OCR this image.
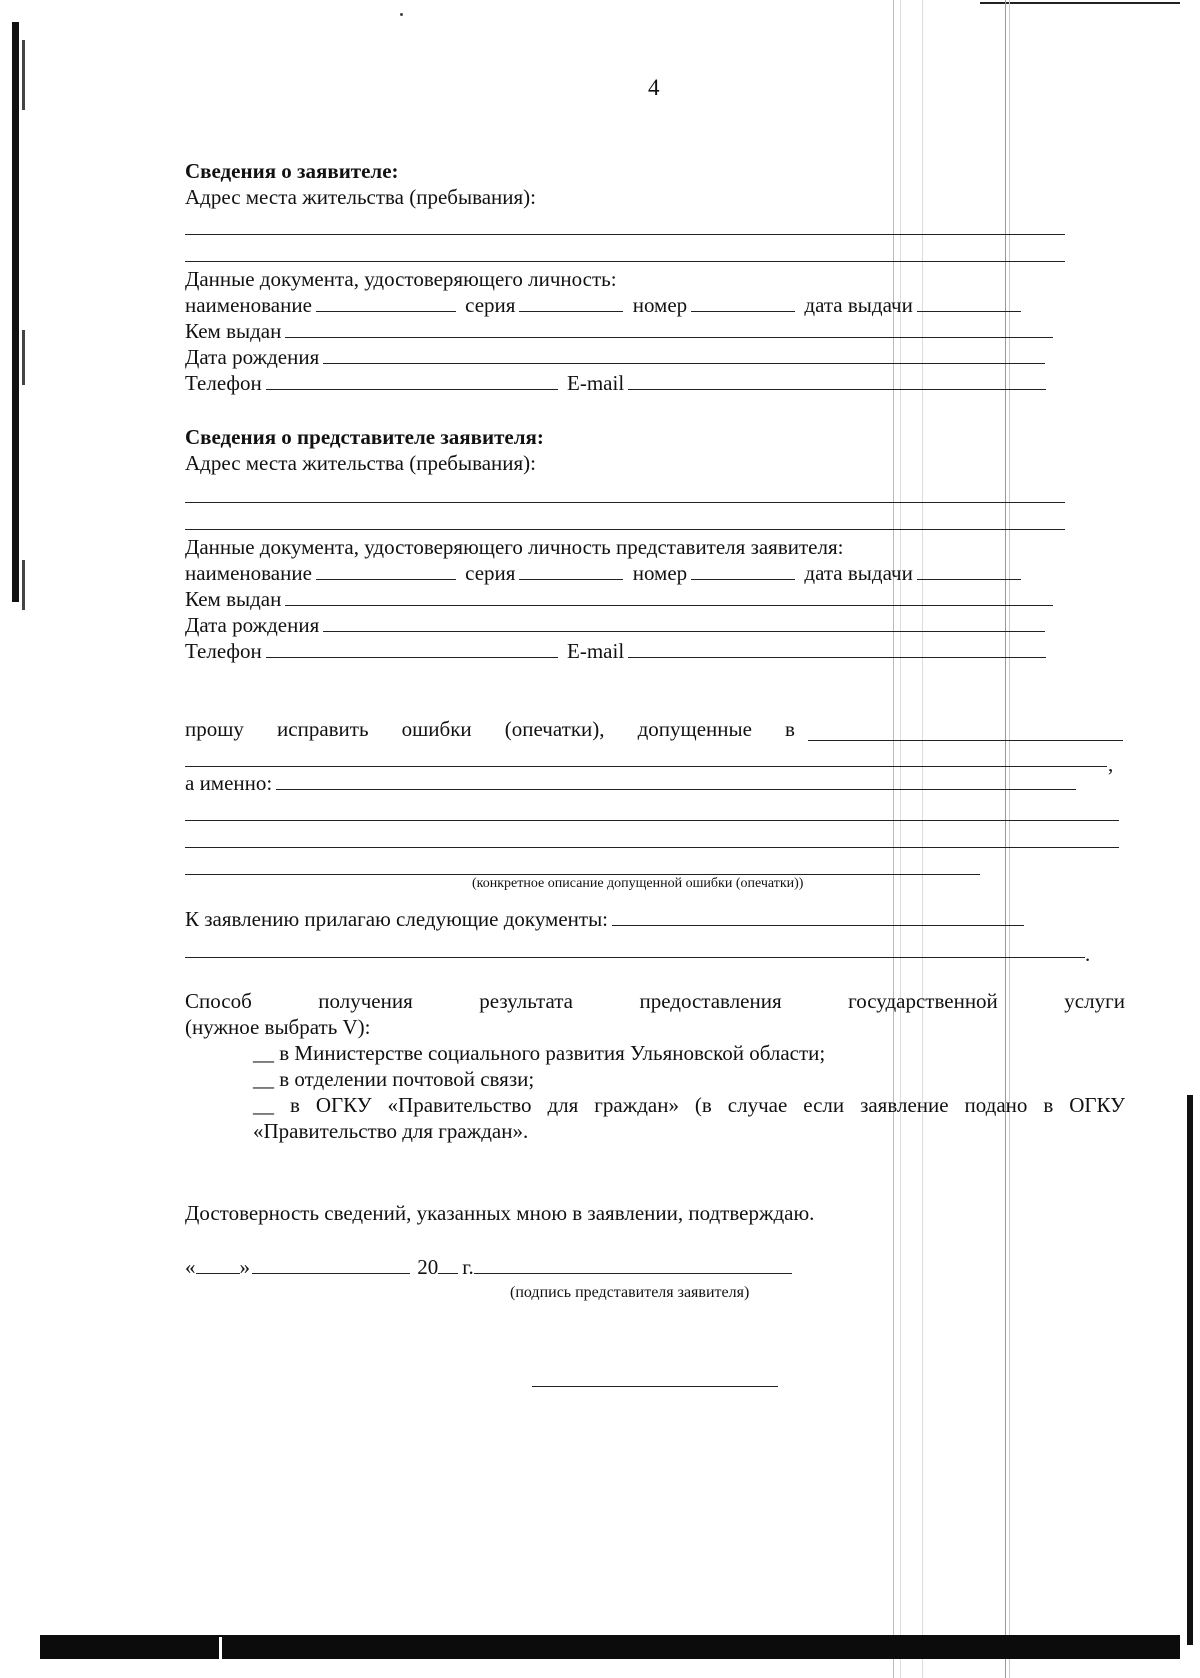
4
Сведения о заявителе:
Адрес места жительства (пребывания):
Данные документа, удостоверяющего личность:
наименование	серия	номер	дата выдачи
Кем выдан
Дата рождения
Телефон	E-mail
Сведения о представителе заявителя:
Адрес места жительства (пребывания):
Данные документа, удостоверяющего личность представителя заявителя:
наименование	серия	номер	дата выдачи
Кем выдан
Дата рождения
Телефон	E-mail
прошу исправить ошибки (опечатки), допущенные в
,
а именно:
(конкретное описание допущенной ошибки (опечатки))
К заявлению прилагаю следующие документы:
.
Способ	получения	результата	предоставления	государственной	услуги
(нужное выбрать V):
__ в Министерстве социального развития Ульяновской области;
__ в отделении почтовой связи;
__ в ОГКУ «Правительство для граждан» (в случае если заявление подано в ОГКУ «Правительство для граждан».
Достоверность сведений, указанных мною в заявлении, подтверждаю.
« »	20 г.
(подпись представителя заявителя)
